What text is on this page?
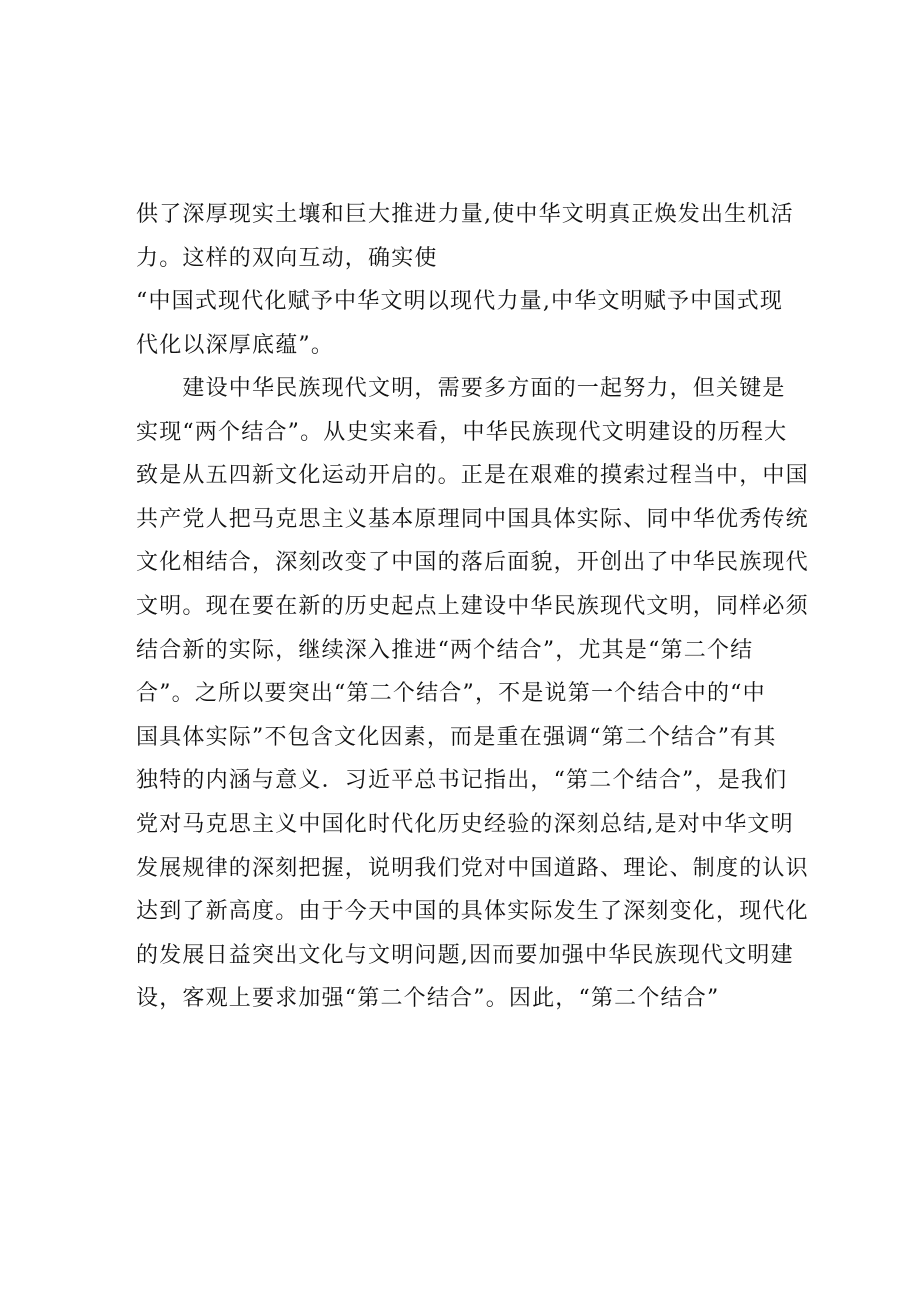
供了深厚现实土壤和巨大推进力量,使中华文明真正焕发出生机活
力。这样的双向互动，确实使
“中国式现代化赋予中华文明以现代力量,中华文明赋予中国式现
代化以深厚底蕴”。
　　建设中华民族现代文明，需要多方面的一起努力，但关键是
实现“两个结合”。从史实来看，中华民族现代文明建设的历程大
致是从五四新文化运动开启的。正是在艰难的摸索过程当中，中国
共产党人把马克思主义基本原理同中国具体实际、同中华优秀传统
文化相结合，深刻改变了中国的落后面貌，开创出了中华民族现代
文明。现在要在新的历史起点上建设中华民族现代文明，同样必须
结合新的实际，继续深入推进“两个结合”，尤其是“第二个结
合”。之所以要突出“第二个结合”，不是说第一个结合中的“中
国具体实际”不包含文化因素，而是重在强调“第二个结合”有其
独特的内涵与意义．习近平总书记指出，“第二个结合”，是我们
党对马克思主义中国化时代化历史经验的深刻总结,是对中华文明
发展规律的深刻把握，说明我们党对中国道路、理论、制度的认识
达到了新高度。由于今天中国的具体实际发生了深刻变化，现代化
的发展日益突出文化与文明问题,因而要加强中华民族现代文明建
设，客观上要求加强“第二个结合”。因此，“第二个结合”
